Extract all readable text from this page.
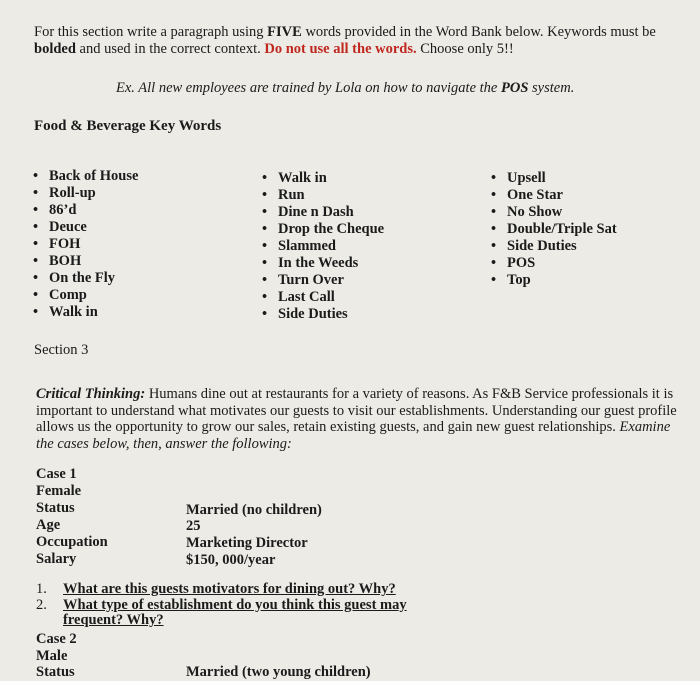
For this section write a paragraph using FIVE words provided in the Word Bank below. Keywords must be bolded and used in the correct context. Do not use all the words. Choose only 5!!
Ex. All new employees are trained by Lola on how to navigate the POS system.
Food & Beverage Key Words
• Back of House
• Roll-up
• 86’d
• Deuce
• FOH
• BOH
• On the Fly
• Comp
• Walk in
• Walk in
• Run
• Dine n Dash
• Drop the Cheque
• Slammed
• In the Weeds
• Turn Over
• Last Call
• Side Duties
• Upsell
• One Star
• No Show
• Double/Triple Sat
• Side Duties
• POS
• Top
Section 3
Critical Thinking: Humans dine out at restaurants for a variety of reasons. As F&B Service professionals it is important to understand what motivates our guests to visit our establishments. Understanding our guest profile allows us the opportunity to grow our sales, retain existing guests, and gain new guest relationships. Examine the cases below, then, answer the following:
Case 1
Female
Status	Married (no children)
Age	25
Occupation	Marketing Director
Salary	$150, 000/year
1. What are this guests motivators for dining out? Why?
2. What type of establishment do you think this guest may frequent? Why?
Case 2
Male
Status	Married (two young children)
